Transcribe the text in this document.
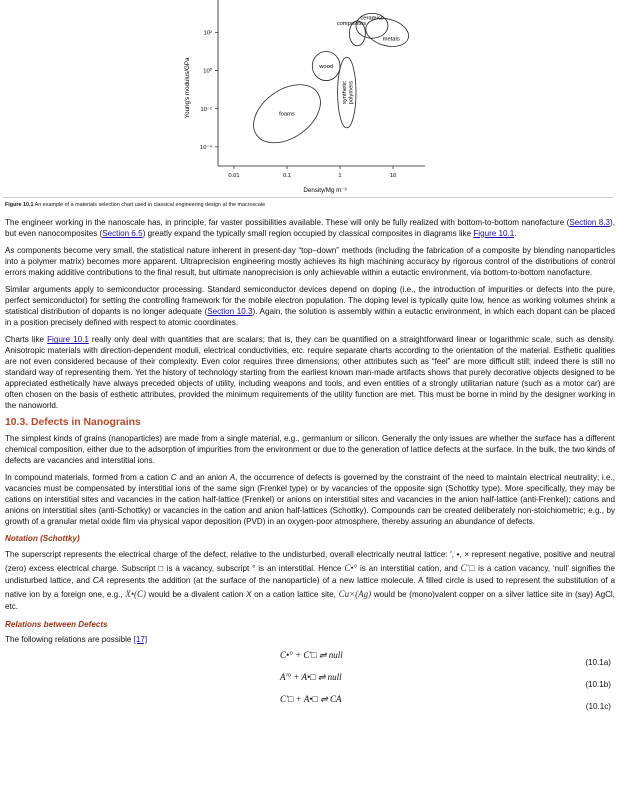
Young's modulus/GPa
Density/Mg m⁻³
0.01	0.1	1	10
10²
10⁰
10⁻²
10⁻⁴
composites
ceramics
metals
wood
syntheticpolymers
foams
Figure 10.1 An example of a materials selection chart used in classical engineering design at the macroscale

The engineer working in the nanoscale has, in principle, far vaster possibilities available. These will only be fully realized with bottom-to-bottom nanofacture (Section 8.3), but even nanocomposites (Section 6.5) greatly expand the typically small region occupied by classical composites in diagrams like Figure 10.1.

As components become very small, the statistical nature inherent in present-day “top–down” methods (including the fabrication of a composite by blending nanoparticles into a polymer matrix) becomes more apparent. Ultraprecision engineering mostly achieves its high machining accuracy by rigorous control of the distributions of control errors making additive contributions to the final result, but ultimate nanoprecision is only achievable within a eutactic environment, via bottom-to-bottom nanofacture.

Similar arguments apply to semiconductor processing. Standard semiconductor devices depend on doping (i.e., the introduction of impurities or defects into the pure, perfect semiconductor) for setting the controlling framework for the mobile electron population. The doping level is typically quite low, hence as working volumes shrink a statistical distribution of dopants is no longer adequate (Section 10.3). Again, the solution is assembly within a eutactic environment, in which each dopant can be placed in a position precisely defined with respect to atomic coordinates.

Charts like Figure 10.1 really only deal with quantities that are scalars; that is, they can be quantified on a straightforward linear or logarithmic scale, such as density. Anisotropic materials with direction-dependent moduli, electrical conductivities, etc. require separate charts according to the orientation of the material. Esthetic qualities are not even considered because of their complexity. Even color requires three dimensions; other attributes such as “feel” are more difficult still; indeed there is still no standard way of representing them. Yet the history of technology starting from the earliest known man-made artifacts shows that purely decorative objects designed to be appreciated esthetically have always preceded objects of utility, including weapons and tools, and even entities of a strongly utilitarian nature (such as a motor car) are often chosen on the basis of esthetic attributes, provided the minimum requirements of the utility function are met. This must be borne in mind by the designer working in the nanoworld.

10.3. Defects in Nanograins

The simplest kinds of grains (nanoparticles) are made from a single material, e.g., germanium or silicon. Generally the only issues are whether the surface has a different chemical composition, either due to the adsorption of impurities from the environment or due to the generation of lattice defects at the surface. In the bulk, the two kinds of defects are vacancies and interstitial ions.

In compound materials, formed from a cation C and an anion A, the occurrence of defects is governed by the constraint of the need to maintain electrical neutrality; i.e., vacancies must be compensated by interstitial ions of the same sign (Frenkel type) or by vacancies of the opposite sign (Schottky type). More specifically, they may be cations on interstitial sites and vacancies in the cation half-lattice (Frenkel) or anions on interstitial sites and vacancies in the anion half-lattice (anti-Frenkel); cations and anions on interstitial sites (anti-Schottky) or vacancies in the cation and anion half-lattices (Schottky). Compounds can be created deliberately non-stoichiometric; e.g., by growth of a granular metal oxide film via physical vapor deposition (PVD) in an oxygen-poor atmosphere, thereby assuring an abundance of defects.

Notation (Schottky)

The superscript represents the electrical charge of the defect, relative to the undisturbed, overall electrically neutral lattice: ′, •, × represent negative, positive and neutral (zero) excess electrical charge. Subscript □ is a vacancy, subscript ° is an interstitial. Hence C•° is an interstitial cation, and C′□ is a cation vacancy, ‘null’ signifies the undisturbed lattice, and CA represents the addition (at the surface of the nanoparticle) of a new lattice molecule. A filled circle is used to represent the substitution of a native ion by a foreign one, e.g., X•(C) would be a divalent cation X on a cation lattice site, Cu×(Ag) would be (mono)valent copper on a silver lattice site in (say) AgCl, etc.

Relations between Defects

The following relations are possible [17]

C•° + C′□ ⇌ null
(10.1a)
A′° + A•□ ⇌ null
(10.1b)
C′□ + A•□ ⇌ CA
(10.1c)
